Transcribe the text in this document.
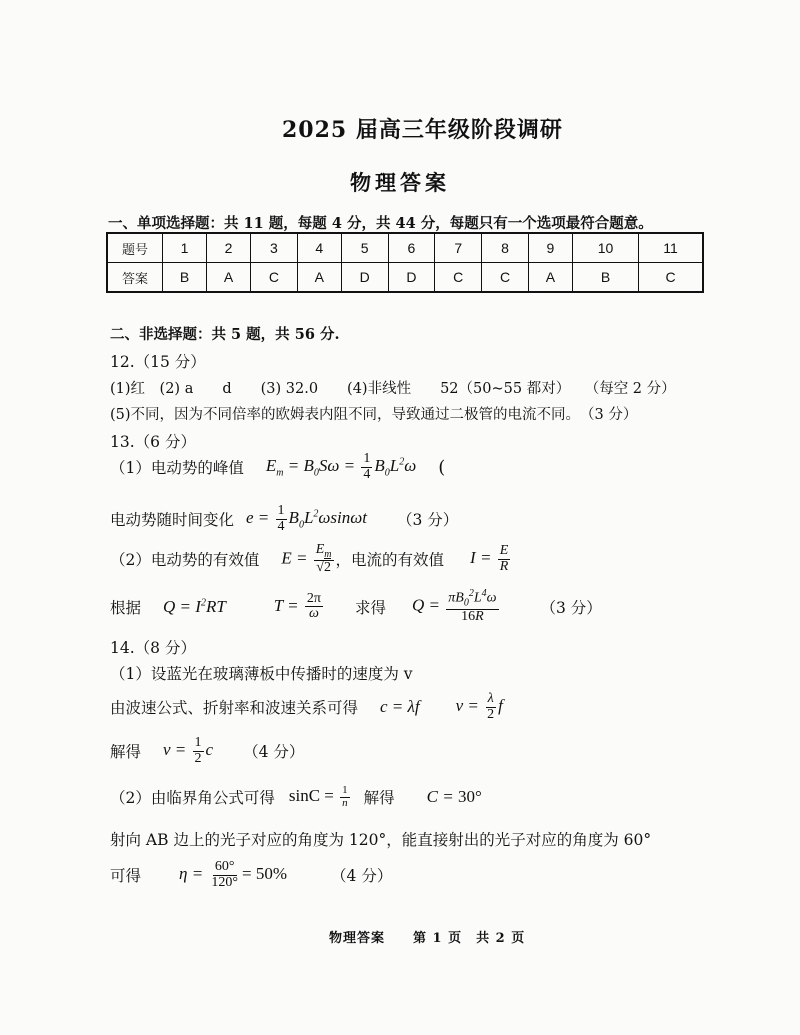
2025 届高三年级阶段调研
物理答案
一、单项选择题：共 11 题，每题 4 分，共 44 分，每题只有一个选项最符合题意。
题号	1	2	3	4	5	6	7	8	9	10	11
答案	B	A	C	A	D	D	C	C	A	B	C
二、非选择题：共 5 题，共 56 分.
12.（15 分）
(1)红　(2) a　　d　　(3) 32.0　　(4)非线性　　52（50~55 都对）　　（每空 2 分）
(5)不同，因为不同倍率的欧姆表内阻不同，导致通过二极管的电流不同。　（3 分）
13.（6 分）
（1）电动势的峰值 $E_m = B_0S\omega = \frac{1}{4} B_0L^2\omega$ (
电动势随时间变化 $e = \frac{1}{4} B_0L^2\omega\sin\omega t$ （3 分）
（2）电动势的有效值 $E = \frac{E_m}{√2}$ ，电流的有效值 $I = \frac{E}{R}$
根据 $Q = I^2RT$	$T = \frac{2\pi}{\omega}$ 求得 $Q = \frac{\pi B_0^2L^4\omega}{16R}$	（3 分）
14.（8 分）
（1）设蓝光在玻璃薄板中传播时的速度为 v
由波速公式、折射率和波速关系可得 c = λf $v = \frac{\lambda}{2}$ f
解得 $v = \frac{1}{2}$ c （4 分）
（2）由临界角公式可得 $\sin C = \frac{1}{n}$ 解得 C = 30°
射向 AB 边上的光子对应的角度为 120°，能直接射出的光子对应的角度为 60°
可得 $\eta = \frac{60^\circ}{120^\circ} = 50\%$	（4 分）
物理答案　　第 1 页　共 2 页
